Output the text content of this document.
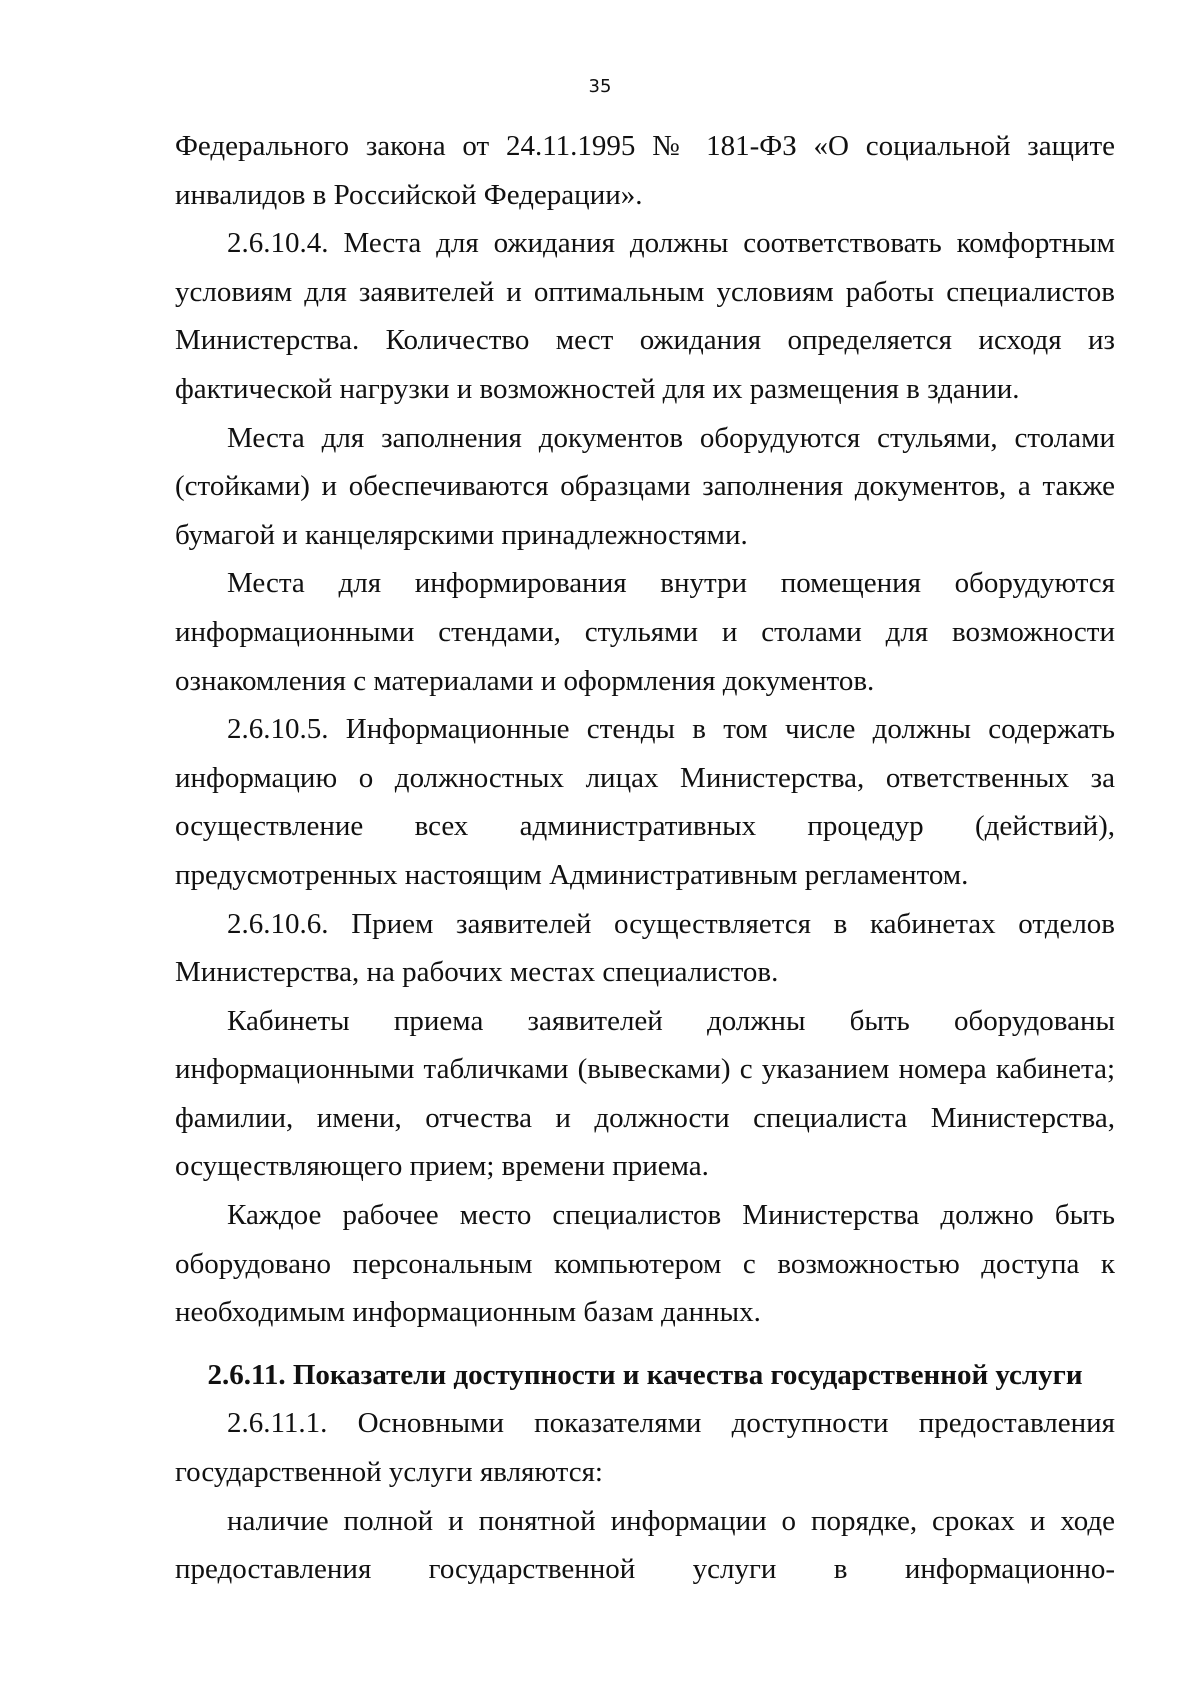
35

Федерального закона от 24.11.1995 № 181-ФЗ «О социальной защите инвалидов в Российской Федерации».

2.6.10.4. Места для ожидания должны соответствовать комфортным условиям для заявителей и оптимальным условиям работы специалистов Министерства. Количество мест ожидания определяется исходя из фактической нагрузки и возможностей для их размещения в здании.

Места для заполнения документов оборудуются стульями, столами (стойками) и обеспечиваются образцами заполнения документов, а также бумагой и канцелярскими принадлежностями.

Места для информирования внутри помещения оборудуются информационными стендами, стульями и столами для возможности ознакомления с материалами и оформления документов.

2.6.10.5. Информационные стенды в том числе должны содержать информацию о должностных лицах Министерства, ответственных за осуществление всех административных процедур (действий), предусмотренных настоящим Административным регламентом.

2.6.10.6. Прием заявителей осуществляется в кабинетах отделов Министерства, на рабочих местах специалистов.

Кабинеты приема заявителей должны быть оборудованы информационными табличками (вывесками) с указанием номера кабинета; фамилии, имени, отчества и должности специалиста Министерства, осуществляющего прием; времени приема.

Каждое рабочее место специалистов Министерства должно быть оборудовано персональным компьютером с возможностью доступа к необходимым информационным базам данных.

2.6.11. Показатели доступности и качества государственной услуги

2.6.11.1. Основными показателями доступности предоставления государственной услуги являются:

наличие полной и понятной информации о порядке, сроках и ходе предоставления государственной услуги в информационно-
